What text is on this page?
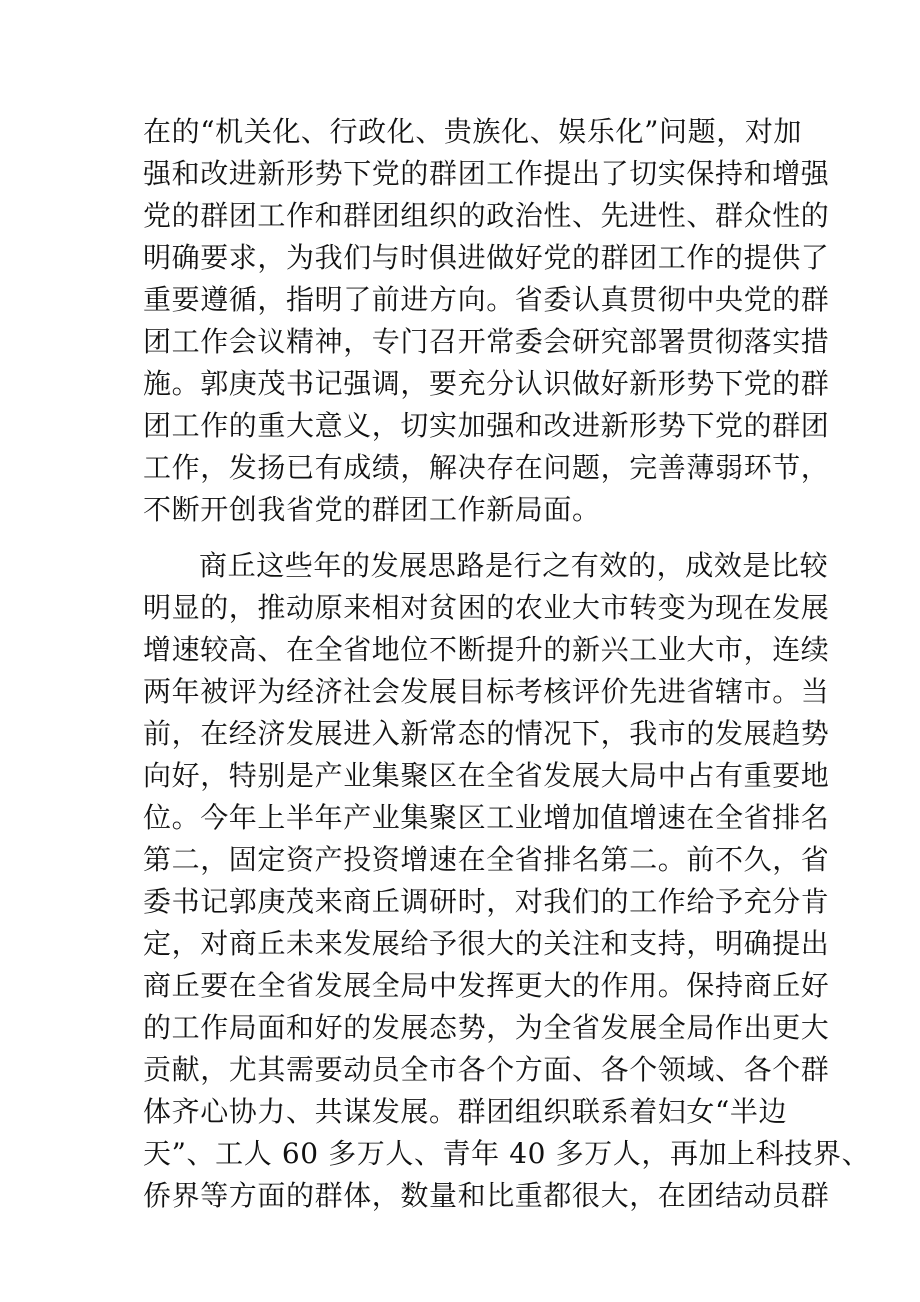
在的“机关化、行政化、贵族化、娱乐化”问题，对加
强和改进新形势下党的群团工作提出了切实保持和增强
党的群团工作和群团组织的政治性、先进性、群众性的
明确要求，为我们与时俱进做好党的群团工作的提供了
重要遵循，指明了前进方向。省委认真贯彻中央党的群
团工作会议精神，专门召开常委会研究部署贯彻落实措
施。郭庚茂书记强调，要充分认识做好新形势下党的群
团工作的重大意义，切实加强和改进新形势下党的群团
工作，发扬已有成绩，解决存在问题，完善薄弱环节，
不断开创我省党的群团工作新局面。
商丘这些年的发展思路是行之有效的，成效是比较
明显的，推动原来相对贫困的农业大市转变为现在发展
增速较高、在全省地位不断提升的新兴工业大市，连续
两年被评为经济社会发展目标考核评价先进省辖市。当
前，在经济发展进入新常态的情况下，我市的发展趋势
向好，特别是产业集聚区在全省发展大局中占有重要地
位。今年上半年产业集聚区工业增加值增速在全省排名
第二，固定资产投资增速在全省排名第二。前不久，省
委书记郭庚茂来商丘调研时，对我们的工作给予充分肯
定，对商丘未来发展给予很大的关注和支持，明确提出
商丘要在全省发展全局中发挥更大的作用。保持商丘好
的工作局面和好的发展态势，为全省发展全局作出更大
贡献，尤其需要动员全市各个方面、各个领域、各个群
体齐心协力、共谋发展。群团组织联系着妇女“半边
天”、工人 60 多万人、青年 40 多万人，再加上科技界、
侨界等方面的群体，数量和比重都很大，在团结动员群
